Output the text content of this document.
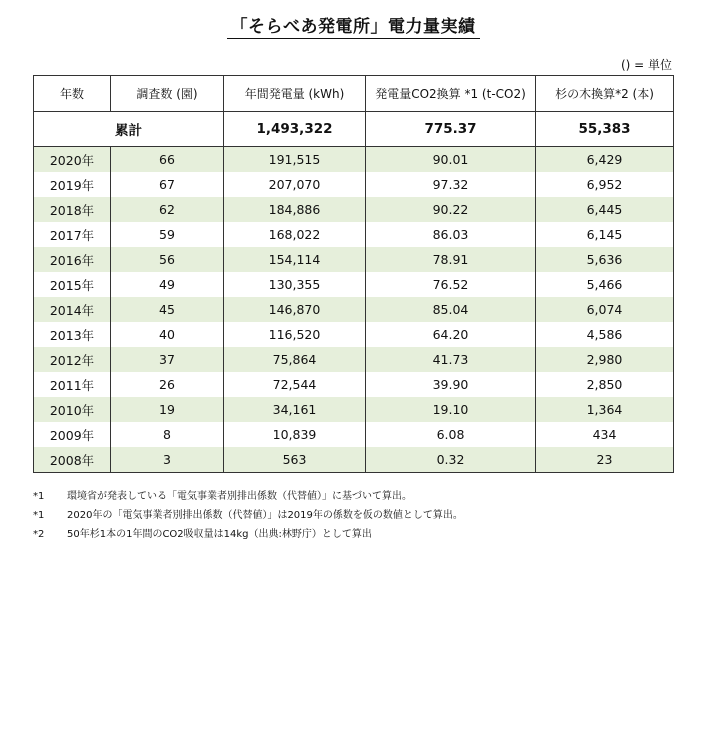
「そらべあ発電所」電力量実績
() = 単位
年数	調査数 (園)	年間発電量 (kWh)	発電量CO2換算 *1 (t-CO2)	杉の木換算*2 (本)
累計		1,493,322	775.37	55,383
2020年	66	191,515	90.01	6,429
2019年	67	207,070	97.32	6,952
2018年	62	184,886	90.22	6,445
2017年	59	168,022	86.03	6,145
2016年	56	154,114	78.91	5,636
2015年	49	130,355	76.52	5,466
2014年	45	146,870	85.04	6,074
2013年	40	116,520	64.20	4,586
2012年	37	75,864	41.73	2,980
2011年	26	72,544	39.90	2,850
2010年	19	34,161	19.10	1,364
2009年	8	10,839	6.08	434
2008年	3	563	0.32	23
*1	環境省が発表している「電気事業者別排出係数（代替値）」に基づいて算出。
*1	2020年の「電気事業者別排出係数（代替値）」は2019年の係数を仮の数値として算出。
*2	50年杉1本の1年間のCO2吸収量は14kg（出典:林野庁）として算出
